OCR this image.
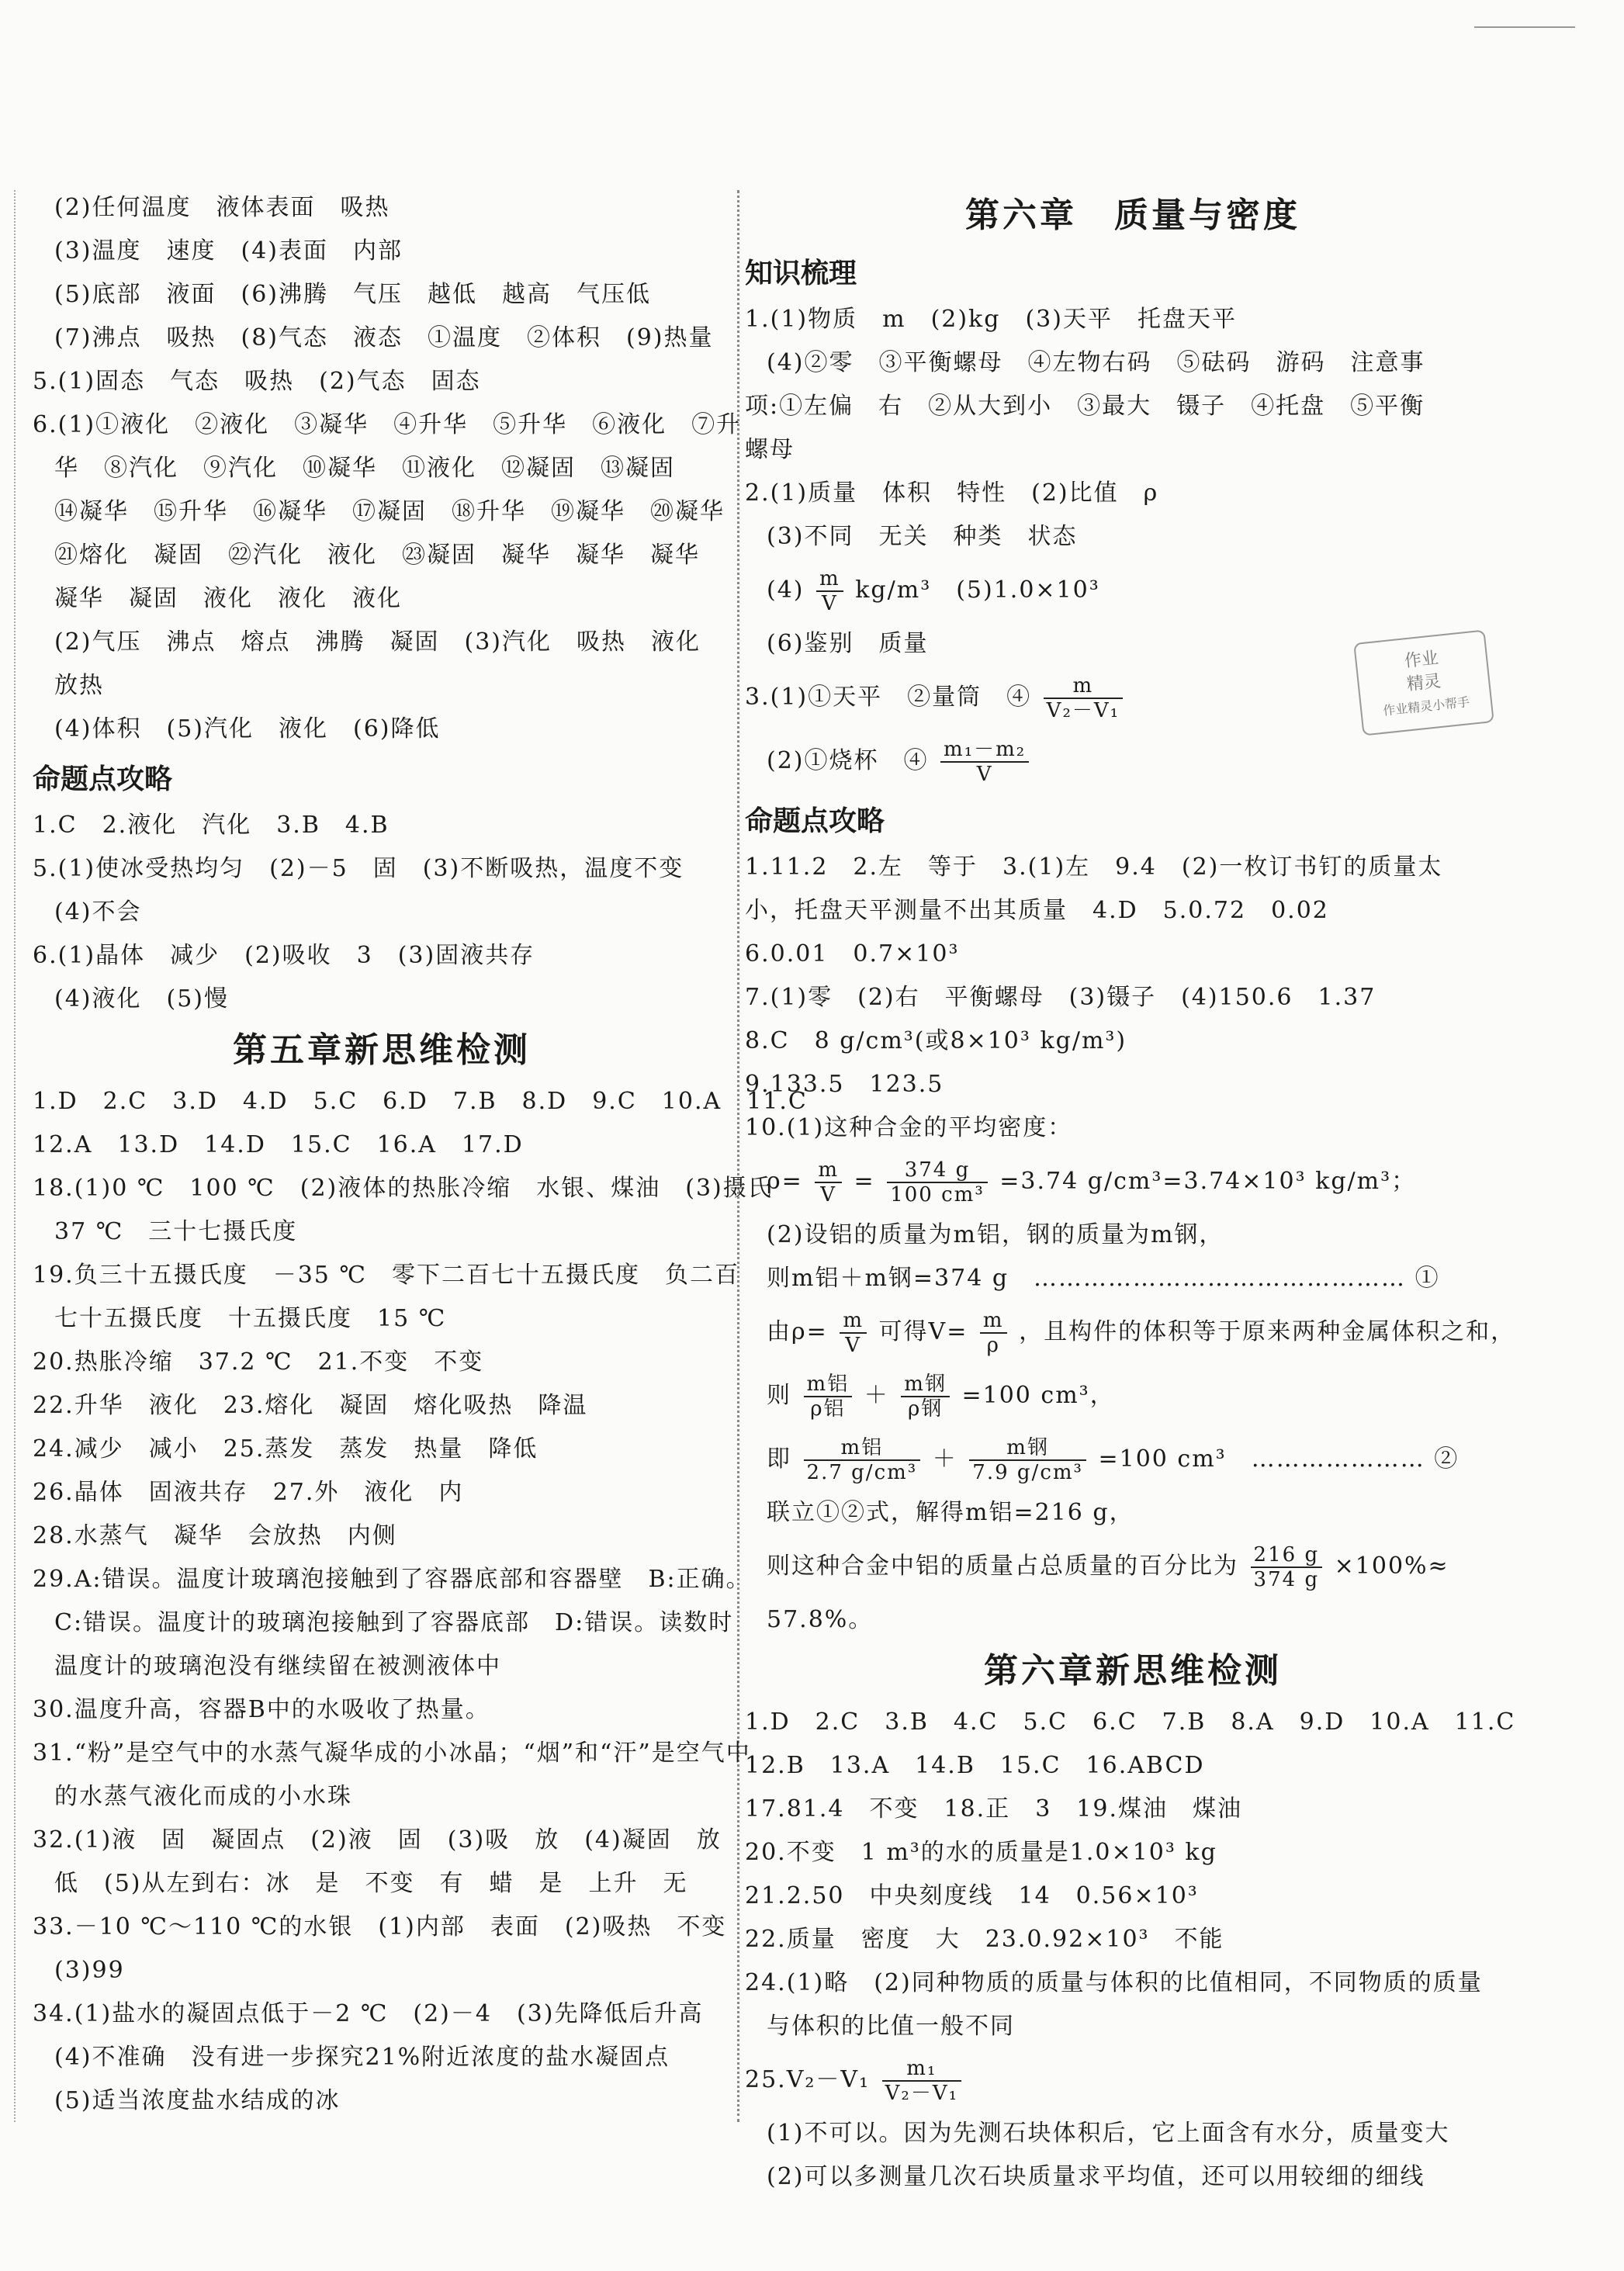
(2)任何温度　液体表面　吸热
(3)温度　速度　(4)表面　内部
(5)底部　液面　(6)沸腾　气压　越低　越高　气压低
(7)沸点　吸热　(8)气态　液态　①温度　②体积　(9)热量
5.(1)固态　气态　吸热　(2)气态　固态
6.(1)①液化　②液化　③凝华　④升华　⑤升华　⑥液化　⑦升
华　⑧汽化　⑨汽化　⑩凝华　⑪液化　⑫凝固　⑬凝固
⑭凝华　⑮升华　⑯凝华　⑰凝固　⑱升华　⑲凝华　⑳凝华
㉑熔化　凝固　㉒汽化　液化　㉓凝固　凝华　凝华　凝华
凝华　凝固　液化　液化　液化
(2)气压　沸点　熔点　沸腾　凝固　(3)汽化　吸热　液化
放热
(4)体积　(5)汽化　液化　(6)降低
命题点攻略
1.C　2.液化　汽化　3.B　4.B
5.(1)使冰受热均匀　(2)－5　固　(3)不断吸热，温度不变
(4)不会
6.(1)晶体　减少　(2)吸收　3　(3)固液共存
(4)液化　(5)慢
第五章新思维检测
1.D　2.C　3.D　4.D　5.C　6.D　7.B　8.D　9.C　10.A　11.C
12.A　13.D　14.D　15.C　16.A　17.D
18.(1)0 ℃　100 ℃　(2)液体的热胀冷缩　水银、煤油　(3)摄氏
37 ℃　三十七摄氏度
19.负三十五摄氏度　－35 ℃　零下二百七十五摄氏度　负二百
七十五摄氏度　十五摄氏度　15 ℃
20.热胀冷缩　37.2 ℃　21.不变　不变
22.升华　液化　23.熔化　凝固　熔化吸热　降温
24.减少　减小　25.蒸发　蒸发　热量　降低
26.晶体　固液共存　27.外　液化　内
28.水蒸气　凝华　会放热　内侧
29.A:错误。温度计玻璃泡接触到了容器底部和容器壁　B:正确。
C:错误。温度计的玻璃泡接触到了容器底部　D:错误。读数时
温度计的玻璃泡没有继续留在被测液体中
30.温度升高，容器B中的水吸收了热量。
31.“粉”是空气中的水蒸气凝华成的小冰晶；“烟”和“汗”是空气中
的水蒸气液化而成的小水珠
32.(1)液　固　凝固点　(2)液　固　(3)吸　放　(4)凝固　放
低　(5)从左到右：冰　是　不变　有　蜡　是　上升　无
33.－10 ℃～110 ℃的水银　(1)内部　表面　(2)吸热　不变
(3)99
34.(1)盐水的凝固点低于－2 ℃　(2)－4　(3)先降低后升高
(4)不准确　没有进一步探究21%附近浓度的盐水凝固点
(5)适当浓度盐水结成的冰
第六章　质量与密度
知识梳理
1.(1)物质　m　(2)kg　(3)天平　托盘天平
(4)②零　③平衡螺母　④左物右码　⑤砝码　游码　注意事
项:①左偏　右　②从大到小　③最大　镊子　④托盘　⑤平衡
螺母
2.(1)质量　体积　特性　(2)比值　ρ
(3)不同　无关　种类　状态
$(4) \frac{m}{V} kg/m^3$　(5)1.0×10³
(6)鉴别　质量
3.(1)①天平　②量筒　④ $\frac{m}{\text{V₂－V₁}}$
(2)①烧杯　④ $\frac{\text{m₁－m₂}}{V}$
命题点攻略
1.11.2　2.左　等于　3.(1)左　9.4　(2)一枚订书钉的质量太
小，托盘天平测量不出其质量　4.D　5.0.72　0.02
6.0.01　0.7×10³
7.(1)零　(2)右　平衡螺母　(3)镊子　(4)150.6　1.37
8.C　8 g/cm³(或8×10³ kg/m³)
9.133.5　123.5
10.(1)这种合金的平均密度：
$\rho= \frac{m}{V} = \frac{374 g}{\text{100 cm³}} =3.74$ g/cm³=3.74×10³ kg/m³；
(2)设铝的质量为m铝，钢的质量为m钢，
则m铝＋m钢=374 g　……………………………………… ①
由$\rho= \frac{m}{V}$ 可得$V= \frac{m}{\rho}$ ，且构件的体积等于原来两种金属体积之和，
则 $\frac{\text{m铝}}{\text{ρ铝}} + \frac{\text{m钢}}{\text{ρ钢}} =100$ cm³，
即 $\frac{\text{m铝}}{\text{2.7 g/cm³}} + \frac{\text{m钢}}{\text{7.9 g/cm³}} =100$ cm³　………………… ②
联立①②式，解得m铝=216 g，
则这种合金中铝的质量占总质量的百分比为 $\frac{216 g}{374 g} \times 100\%\approx$
57.8%。
第六章新思维检测
1.D　2.C　3.B　4.C　5.C　6.C　7.B　8.A　9.D　10.A　11.C
12.B　13.A　14.B　15.C　16.ABCD
17.81.4　不变　18.正　3　19.煤油　煤油
20.不变　1 m³的水的质量是1.0×10³ kg
21.2.50　中央刻度线　14　0.56×10³
22.质量　密度　大　23.0.92×10³　不能
24.(1)略　(2)同种物质的质量与体积的比值相同，不同物质的质量
与体积的比值一般不同
$25.V_2-V_1 \frac{\text{m₁}}{\text{V₂－V₁}}$
(1)不可以。因为先测石块体积后，它上面含有水分，质量变大
(2)可以多测量几次石块质量求平均值，还可以用较细的细线
作业
精灵
作业精灵小帮手
